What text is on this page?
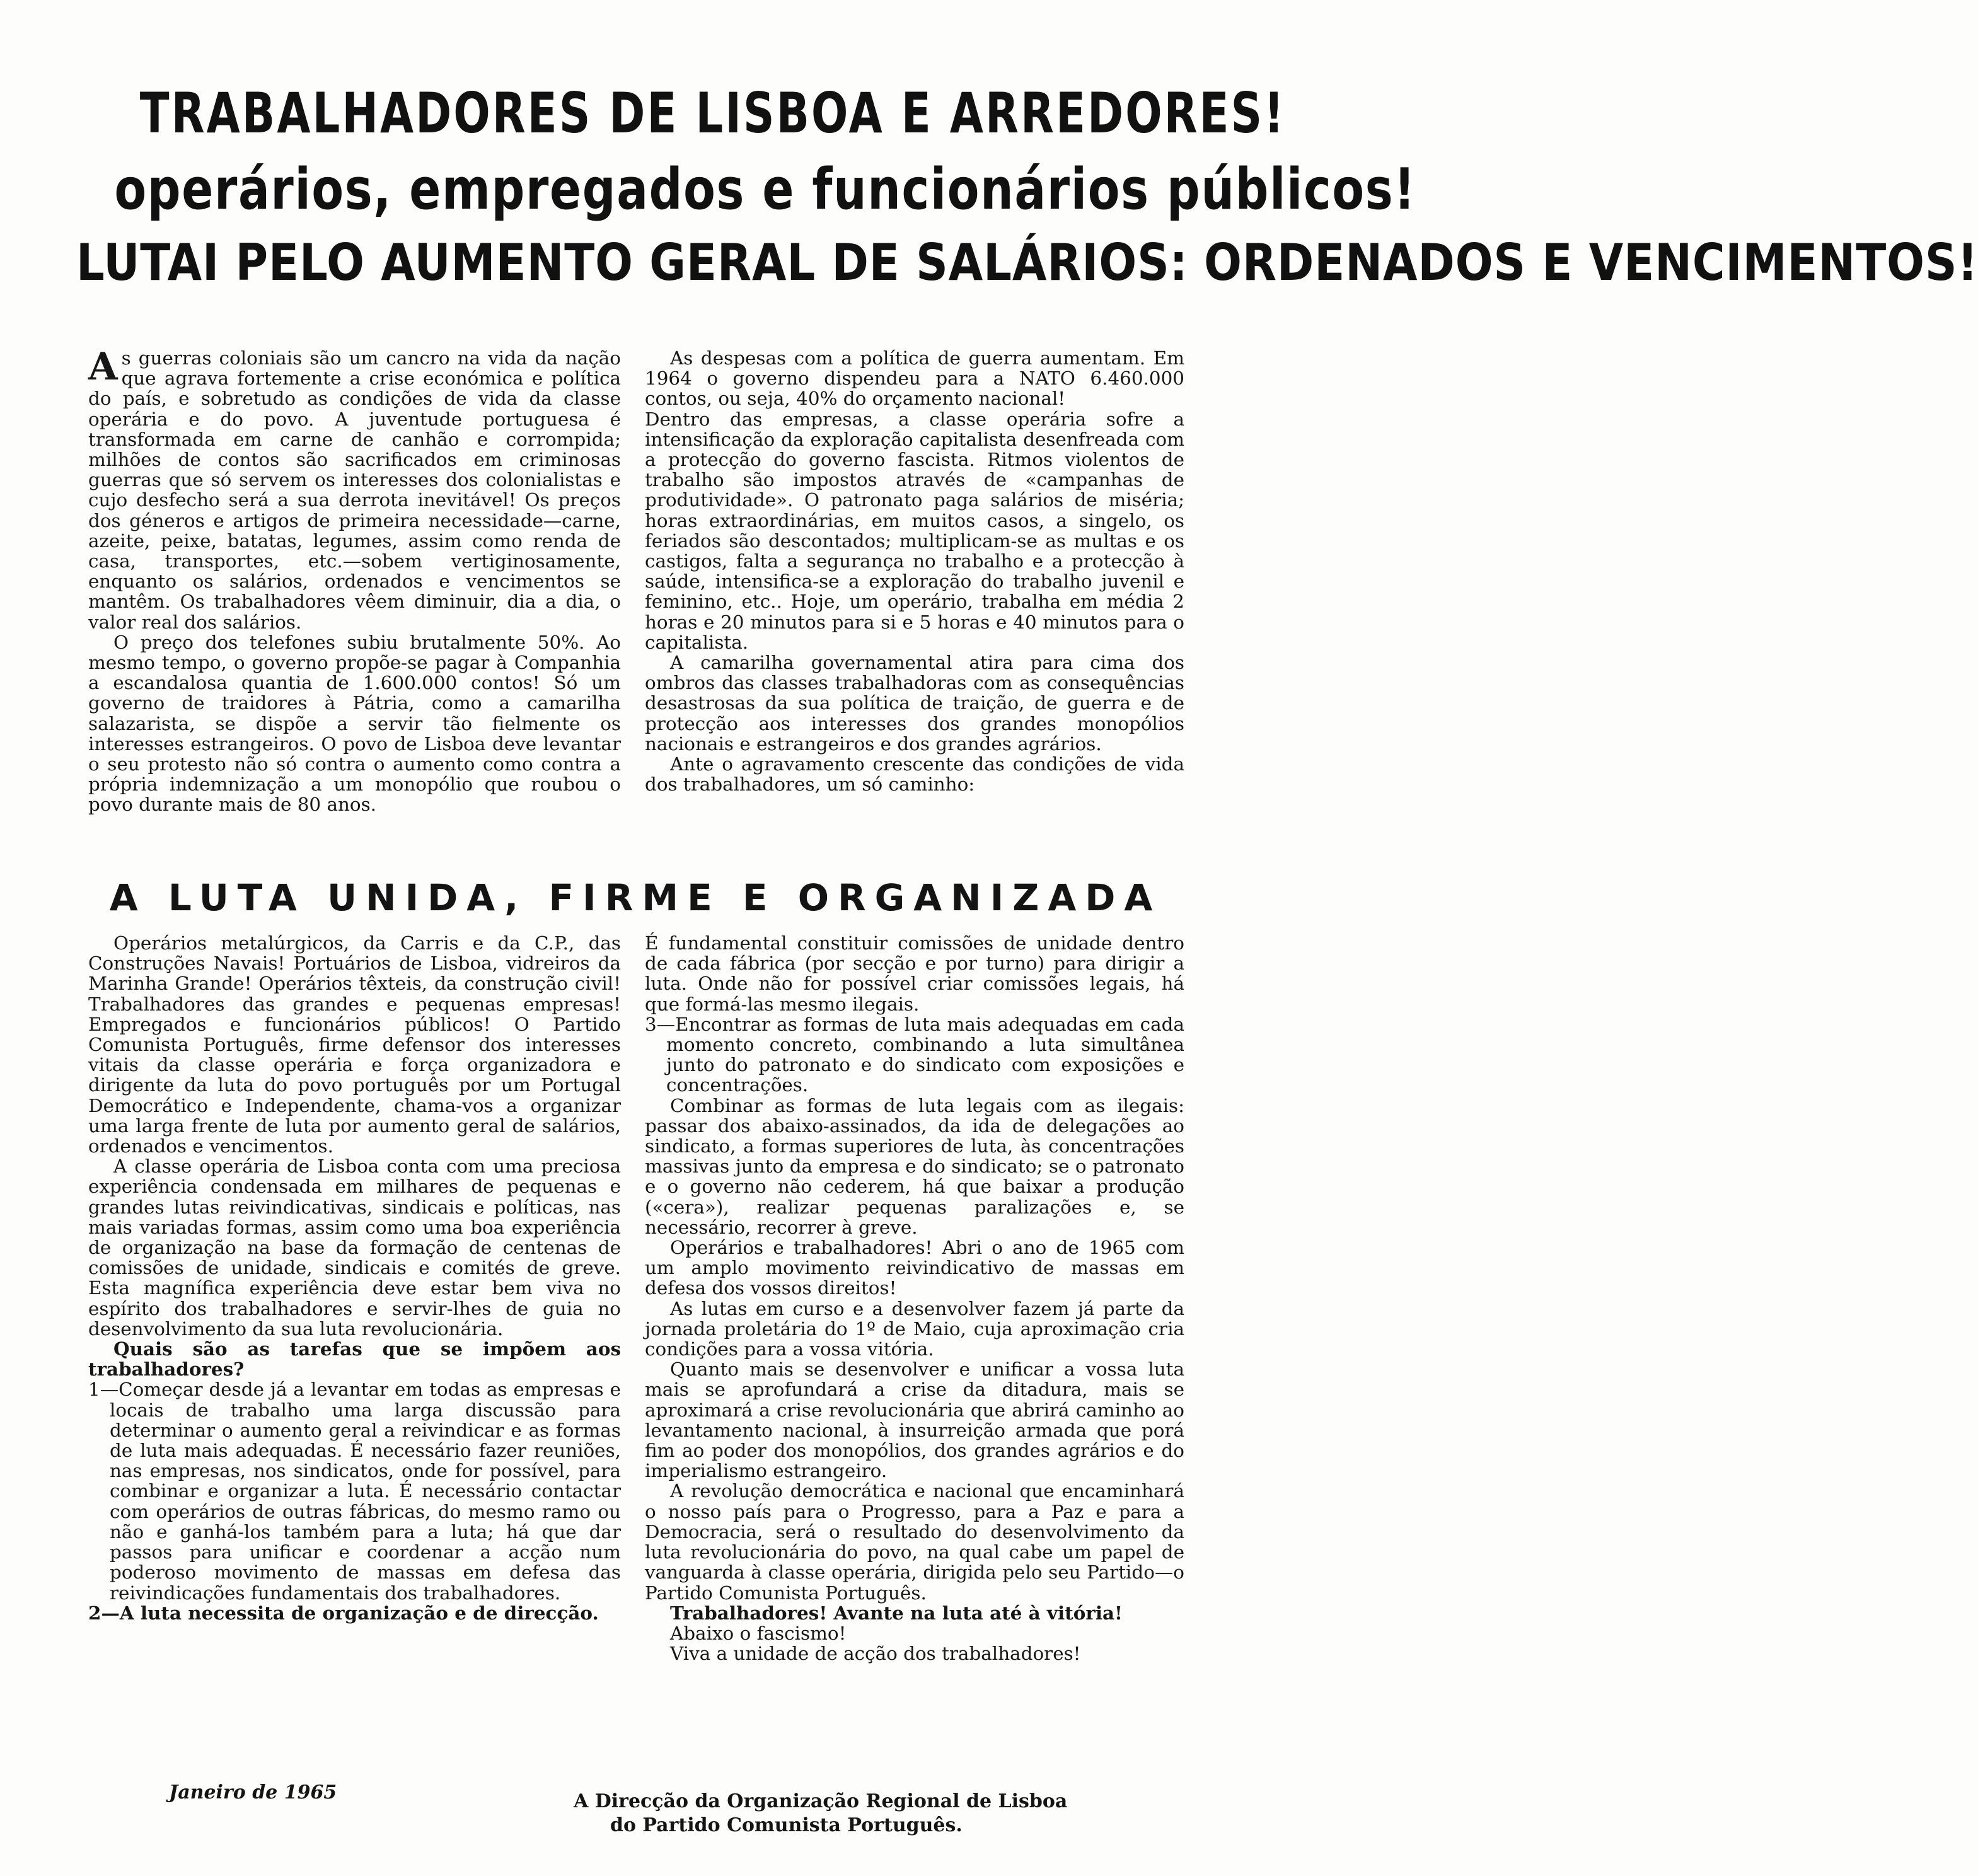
TRABALHADORES DE LISBOA E ARREDORES!
operários, empregados e funcionários públicos!
LUTAI PELO AUMENTO GERAL DE SALÁRIOS: ORDENADOS E VENCIMENTOS!

As guerras coloniais são um cancro na vida da nação que agrava fortemente a crise económica e política do país, e sobretudo as condições de vida da classe operária e do povo. A juventude portuguesa é transformada em carne de canhão e corrompida; milhões de contos são sacrificados em criminosas guerras que só servem os interesses dos colonialistas e cujo desfecho será a sua derrota inevitável! Os preços dos géneros e artigos de primeira necessidade—carne, azeite, peixe, batatas, legumes, assim como renda de casa, transportes, etc.—sobem vertiginosamente, enquanto os salários, ordenados e vencimentos se mantêm. Os trabalhadores vêem diminuir, dia a dia, o valor real dos salários.

O preço dos telefones subiu brutalmente 50%. Ao mesmo tempo, o governo propõe-se pagar à Companhia a escandalosa quantia de 1.600.000 contos! Só um governo de traidores à Pátria, como a camarilha salazarista, se dispõe a servir tão fielmente os interesses estrangeiros. O povo de Lisboa deve levantar o seu protesto não só contra o aumento como contra a própria indemnização a um monopólio que roubou o povo durante mais de 80 anos.

As despesas com a política de guerra aumentam. Em 1964 o governo dispendeu para a NATO 6.460.000 contos, ou seja, 40% do orçamento nacional!

Dentro das empresas, a classe operária sofre a intensificação da exploração capitalista desenfreada com a protecção do governo fascista. Ritmos violentos de trabalho são impostos através de «campanhas de produtividade». O patronato paga salários de miséria; horas extraordinárias, em muitos casos, a singelo, os feriados são descontados; multiplicam-se as multas e os castigos, falta a segurança no trabalho e a protecção à saúde, intensifica-se a exploração do trabalho juvenil e feminino, etc.. Hoje, um operário, trabalha em média 2 horas e 20 minutos para si e 5 horas e 40 minutos para o capitalista.

A camarilha governamental atira para cima dos ombros das classes trabalhadoras com as consequências desastrosas da sua política de traição, de guerra e de protecção aos interesses dos grandes monopólios nacionais e estrangeiros e dos grandes agrários.

Ante o agravamento crescente das condições de vida dos trabalhadores, um só caminho:

A LUTA UNIDA, FIRME E ORGANIZADA

Operários metalúrgicos, da Carris e da C.P., das Construções Navais! Portuários de Lisboa, vidreiros da Marinha Grande! Operários têxteis, da construção civil! Trabalhadores das grandes e pequenas empresas! Empregados e funcionários públicos! O Partido Comunista Português, firme defensor dos interesses vitais da classe operária e força organizadora e dirigente da luta do povo português por um Portugal Democrático e Independente, chama-vos a organizar uma larga frente de luta por aumento geral de salários, ordenados e vencimentos.

A classe operária de Lisboa conta com uma preciosa experiência condensada em milhares de pequenas e grandes lutas reivindicativas, sindicais e políticas, nas mais variadas formas, assim como uma boa experiência de organização na base da formação de centenas de comissões de unidade, sindicais e comités de greve. Esta magnífica experiência deve estar bem viva no espírito dos trabalhadores e servir-lhes de guia no desenvolvimento da sua luta revolucionária.

Quais são as tarefas que se impõem aos trabalhadores?

1—Começar desde já a levantar em todas as empresas e locais de trabalho uma larga discussão para determinar o aumento geral a reivindicar e as formas de luta mais adequadas. É necessário fazer reuniões, nas empresas, nos sindicatos, onde for possível, para combinar e organizar a luta. É necessário contactar com operários de outras fábricas, do mesmo ramo ou não e ganhá-los também para a luta; há que dar passos para unificar e coordenar a acção num poderoso movimento de massas em defesa das reivindicações fundamentais dos trabalhadores.

2—A luta necessita de organização e de direcção.

É fundamental constituir comissões de unidade dentro de cada fábrica (por secção e por turno) para dirigir a luta. Onde não for possível criar comissões legais, há que formá-las mesmo ilegais.

3—Encontrar as formas de luta mais adequadas em cada momento concreto, combinando a luta simultânea junto do patronato e do sindicato com exposições e concentrações.

Combinar as formas de luta legais com as ilegais: passar dos abaixo-assinados, da ida de delegações ao sindicato, a formas superiores de luta, às concentrações massivas junto da empresa e do sindicato; se o patronato e o governo não cederem, há que baixar a produção («cera»), realizar pequenas paralizações e, se necessário, recorrer à greve.

Operários e trabalhadores! Abri o ano de 1965 com um amplo movimento reivindicativo de massas em defesa dos vossos direitos!

As lutas em curso e a desenvolver fazem já parte da jornada proletária do 1º de Maio, cuja aproximação cria condições para a vossa vitória.

Quanto mais se desenvolver e unificar a vossa luta mais se aprofundará a crise da ditadura, mais se aproximará a crise revolucionária que abrirá caminho ao levantamento nacional, à insurreição armada que porá fim ao poder dos monopólios, dos grandes agrários e do imperialismo estrangeiro.

A revolução democrática e nacional que encaminhará o nosso país para o Progresso, para a Paz e para a Democracia, será o resultado do desenvolvimento da luta revolucionária do povo, na qual cabe um papel de vanguarda à classe operária, dirigida pelo seu Partido—o Partido Comunista Português.

Trabalhadores! Avante na luta até à vitória!

Abaixo o fascismo!

Viva a unidade de acção dos trabalhadores!

Janeiro de 1965	A Direcção da Organização Regional de Lisboa
do Partido Comunista Português.
